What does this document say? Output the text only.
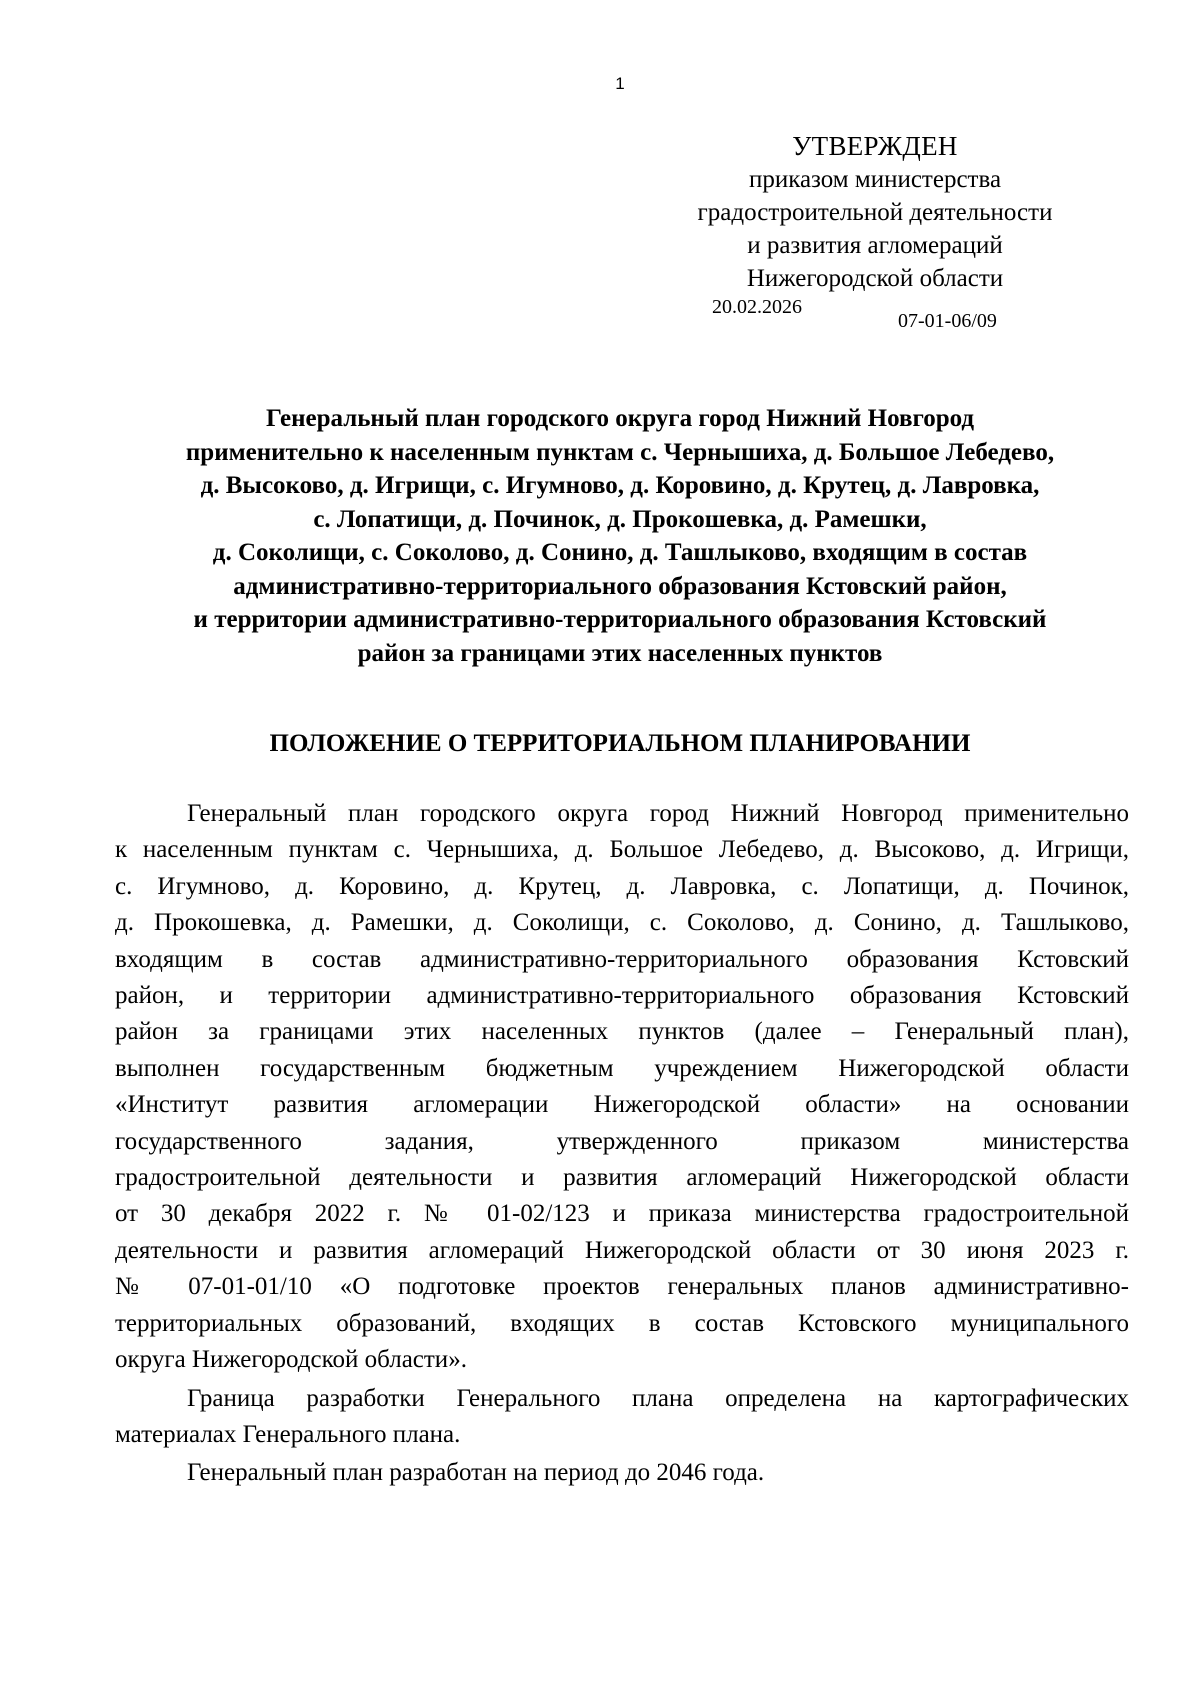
1
УТВЕРЖДЕН
приказом министерства
градостроительной деятельности
и развития агломераций
Нижегородской области
20.02.2026
07-01-06/09
Генеральный план городского округа город Нижний Новгород
применительно к населенным пунктам с. Чернышиха, д. Большое Лебедево,
д. Высоково, д. Игрищи, с. Игумново, д. Коровино, д. Крутец, д. Лавровка,
с. Лопатищи, д. Починок, д. Прокошевка, д. Рамешки,
д. Соколищи, с. Соколово, д. Сонино, д. Ташлыково, входящим в состав
административно-территориального образования Кстовский район,
и территории административно-территориального образования Кстовский
район за границами этих населенных пунктов
ПОЛОЖЕНИЕ О ТЕРРИТОРИАЛЬНОМ ПЛАНИРОВАНИИ
Генеральный план городского округа город Нижний Новгород применительно
к населенным пунктам с. Чернышиха, д. Большое Лебедево, д. Высоково, д. Игрищи,
с. Игумново, д. Коровино, д. Крутец, д. Лавровка, с. Лопатищи, д. Починок,
д. Прокошевка, д. Рамешки, д. Соколищи, с. Соколово, д. Сонино, д. Ташлыково,
входящим в состав административно-территориального образования Кстовский
район, и территории административно-территориального образования Кстовский
район за границами этих населенных пунктов (далее – Генеральный план),
выполнен государственным бюджетным учреждением Нижегородской области
«Институт развития агломерации Нижегородской области» на основании
государственного задания, утвержденного приказом министерства
градостроительной деятельности и развития агломераций Нижегородской области
от 30 декабря 2022 г. № 01-02/123 и приказа министерства градостроительной
деятельности и развития агломераций Нижегородской области от 30 июня 2023 г.
№ 07-01-01/10 «О подготовке проектов генеральных планов административно-
территориальных образований, входящих в состав Кстовского муниципального
округа Нижегородской области».
Граница разработки Генерального плана определена на картографических
материалах Генерального плана.
Генеральный план разработан на период до 2046 года.
